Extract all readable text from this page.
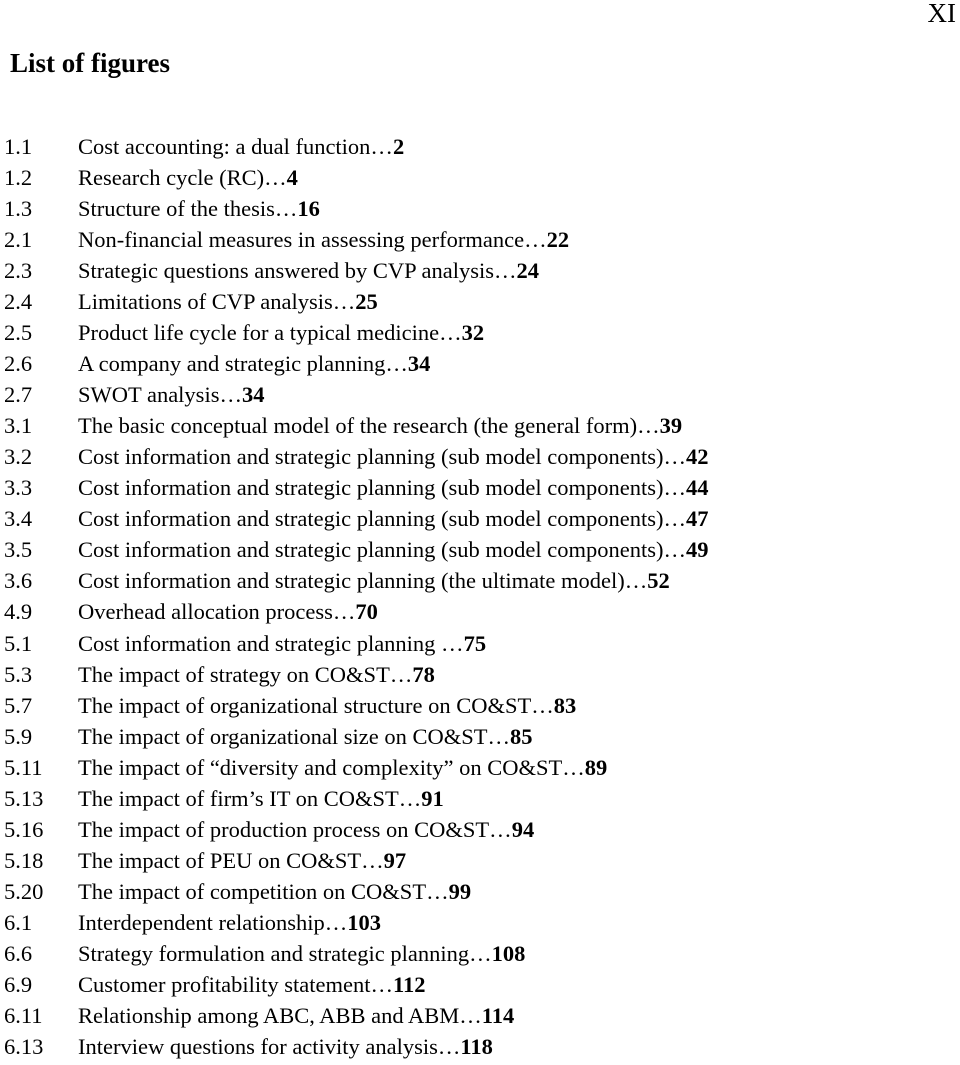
XI
List of figures
1.1	Cost accounting: a dual function… 2
1.2	Research cycle (RC)… 4
1.3	Structure of the thesis… 16
2.1	Non-financial measures in assessing performance… 22
2.3	Strategic questions answered by CVP analysis… 24
2.4	Limitations of CVP analysis… 25
2.5	Product life cycle for a typical medicine… 32
2.6	A company and strategic planning… 34
2.7	SWOT analysis… 34
3.1	The basic conceptual model of the research (the general form)… 39
3.2	Cost information and strategic planning (sub model components)… 42
3.3	Cost information and strategic planning (sub model components)… 44
3.4	Cost information and strategic planning (sub model components)… 47
3.5	Cost information and strategic planning (sub model components)… 49
3.6	Cost information and strategic planning (the ultimate model)… 52
4.9	Overhead allocation process… 70
5.1	Cost information and strategic planning … 75
5.3	The impact of strategy on CO&ST… 78
5.7	The impact of organizational structure on CO&ST… 83
5.9	The impact of organizational size on CO&ST… 85
5.11	The impact of “diversity and complexity” on CO&ST… 89
5.13	The impact of firm’s IT on CO&ST… 91
5.16	The impact of production process on CO&ST… 94
5.18	The impact of PEU on CO&ST… 97
5.20	The impact of competition on CO&ST… 99
6.1	Interdependent relationship… 103
6.6	Strategy formulation and strategic planning… 108
6.9	Customer profitability statement… 112
6.11	Relationship among ABC, ABB and ABM… 114
6.13	Interview questions for activity analysis… 118
